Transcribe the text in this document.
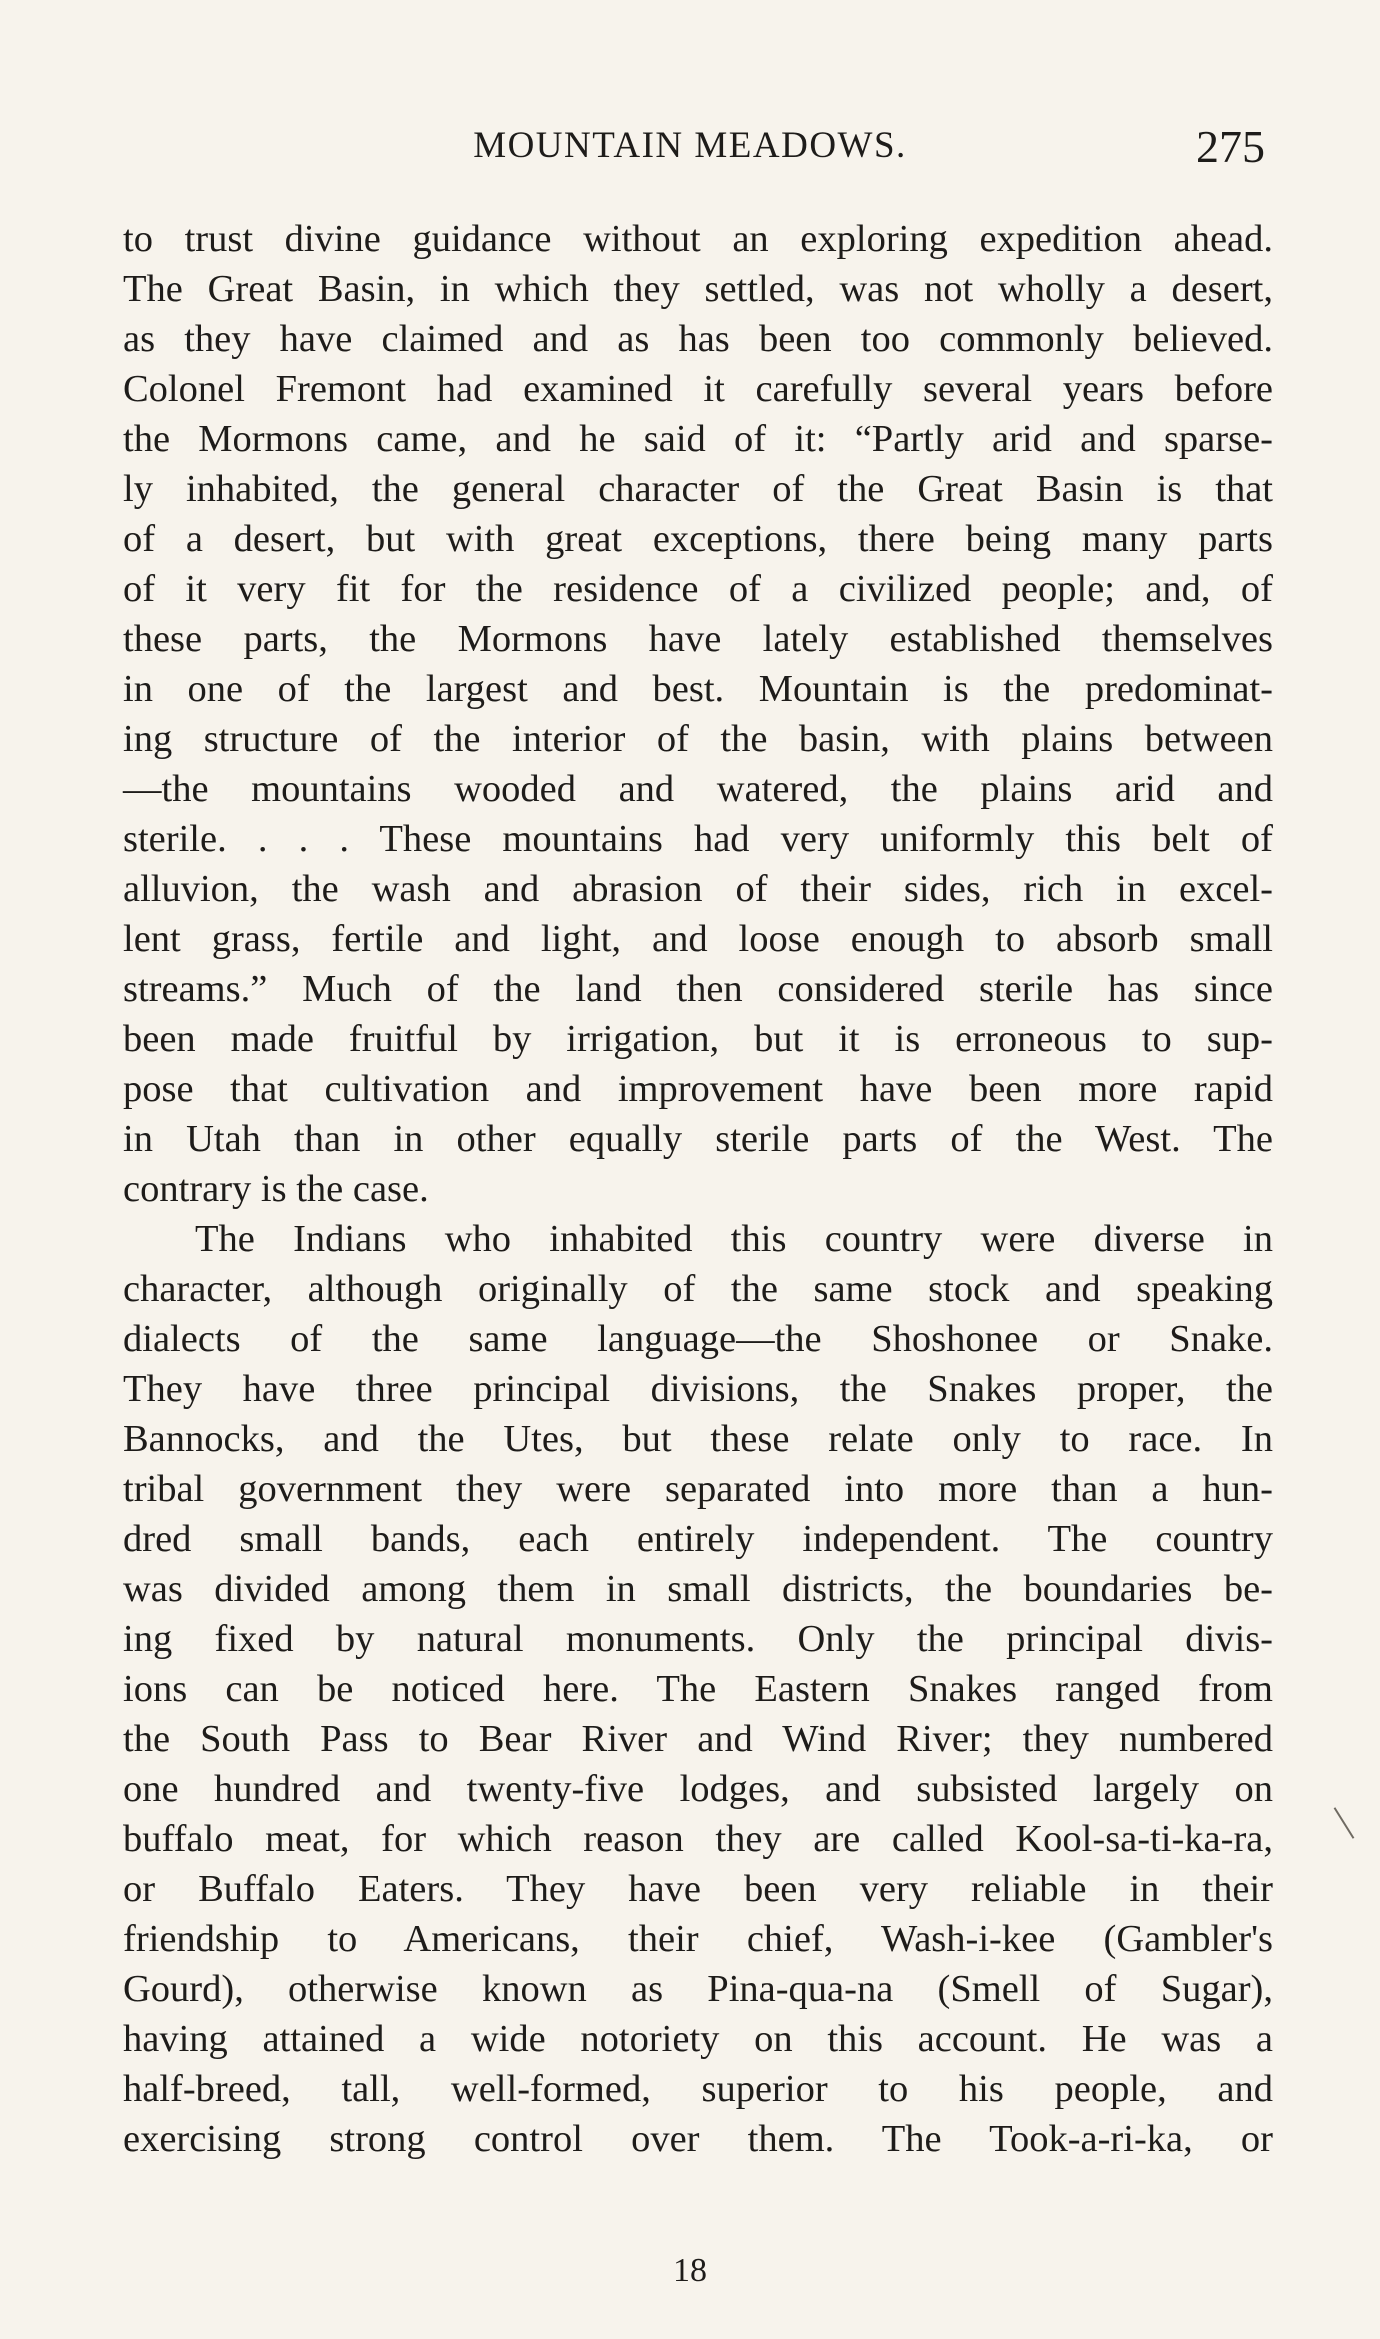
MOUNTAIN MEADOWS.	275
to trust divine guidance without an exploring expedition ahead.
The Great Basin, in which they settled, was not wholly a desert,
as they have claimed and as has been too commonly believed.
Colonel Fremont had examined it carefully several years before
the Mormons came, and he said of it: “Partly arid and sparse-
ly inhabited, the general character of the Great Basin is that
of a desert, but with great exceptions, there being many parts
of it very fit for the residence of a civilized people; and, of
these parts, the Mormons have lately established themselves
in one of the largest and best. Mountain is the predominat-
ing structure of the interior of the basin, with plains between
—the mountains wooded and watered, the plains arid and
sterile. . . . These mountains had very uniformly this belt of
alluvion, the wash and abrasion of their sides, rich in excel-
lent grass, fertile and light, and loose enough to absorb small
streams.” Much of the land then considered sterile has since
been made fruitful by irrigation, but it is erroneous to sup-
pose that cultivation and improvement have been more rapid
in Utah than in other equally sterile parts of the West. The
contrary is the case.
The Indians who inhabited this country were diverse in
character, although originally of the same stock and speaking
dialects of the same language—the Shoshonee or Snake.
They have three principal divisions, the Snakes proper, the
Bannocks, and the Utes, but these relate only to race. In
tribal government they were separated into more than a hun-
dred small bands, each entirely independent. The country
was divided among them in small districts, the boundaries be-
ing fixed by natural monuments. Only the principal divis-
ions can be noticed here. The Eastern Snakes ranged from
the South Pass to Bear River and Wind River; they numbered
one hundred and twenty-five lodges, and subsisted largely on
buffalo meat, for which reason they are called Kool-sa-ti-ka-ra,
or Buffalo Eaters. They have been very reliable in their
friendship to Americans, their chief, Wash-i-kee (Gambler's
Gourd), otherwise known as Pina-qua-na (Smell of Sugar),
having attained a wide notoriety on this account. He was a
half-breed, tall, well-formed, superior to his people, and
exercising strong control over them. The Took-a-ri-ka, or
18
